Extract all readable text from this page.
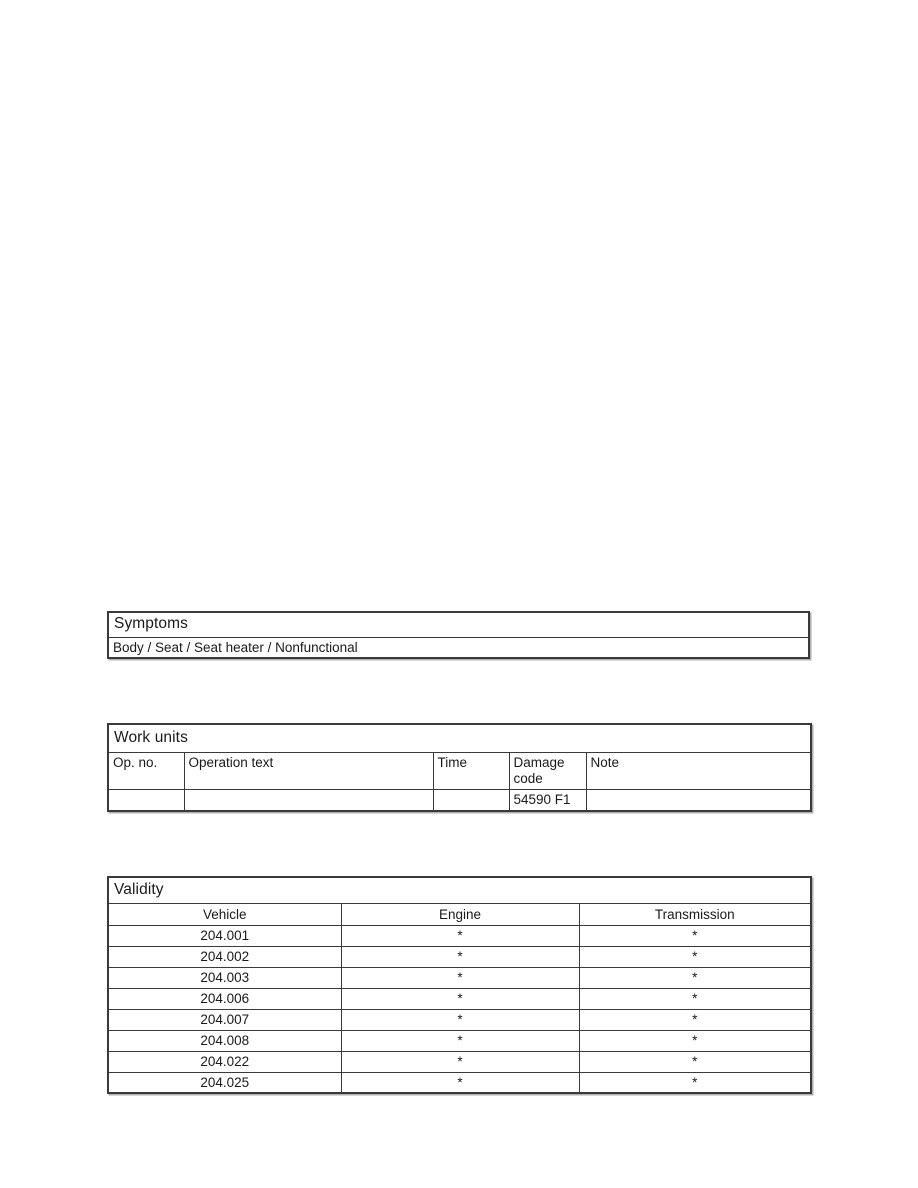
Symptoms
Body / Seat / Seat heater / Nonfunctional
Work units				
Op. no.	Operation text	Time	Damage code	Note
			54590 F1	
Validity		
Vehicle	Engine	Transmission
204.001	*	*
204.002	*	*
204.003	*	*
204.006	*	*
204.007	*	*
204.008	*	*
204.022	*	*
204.025	*	*
